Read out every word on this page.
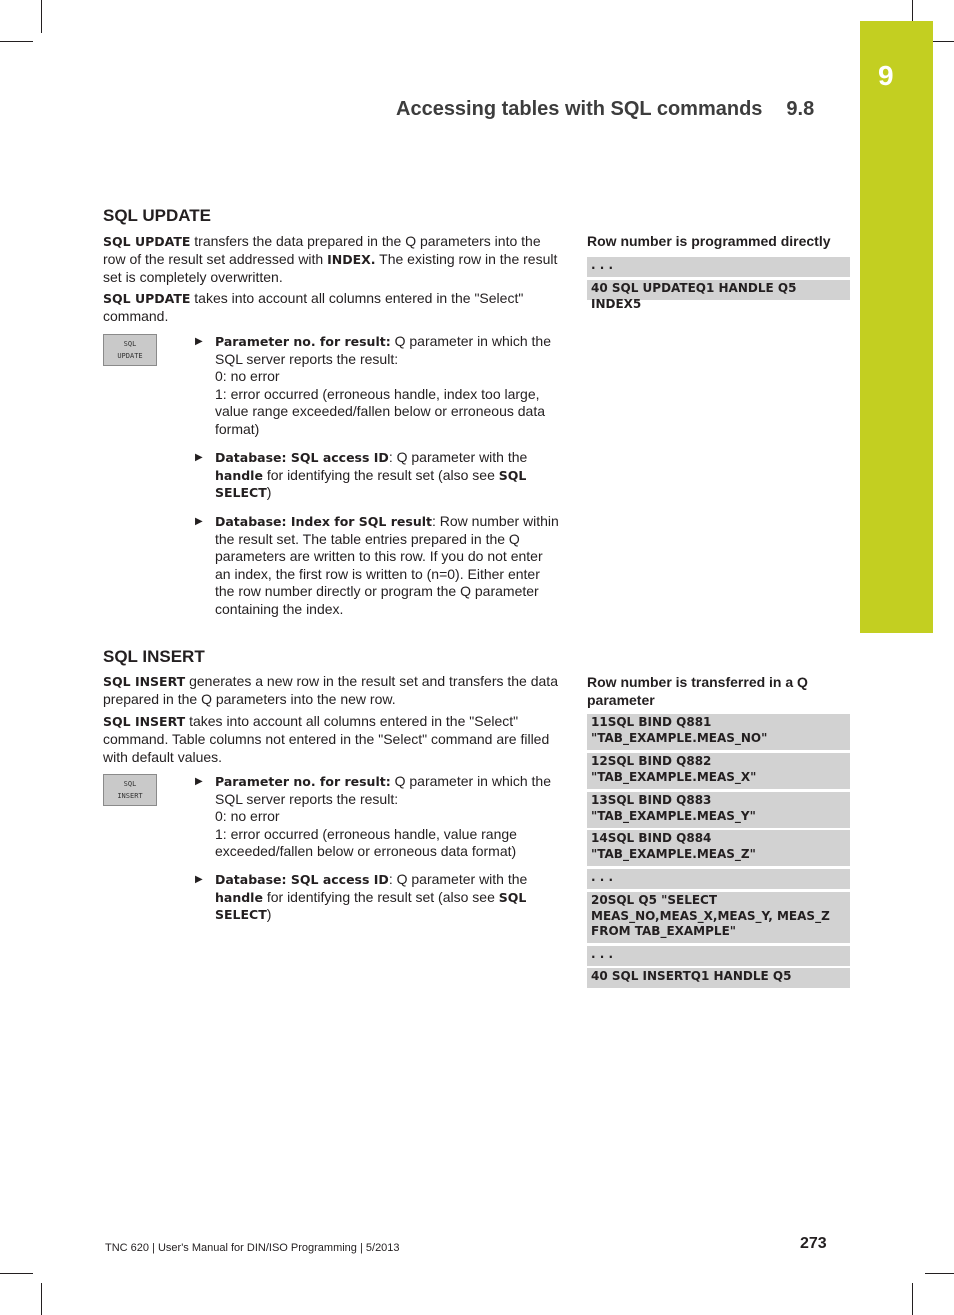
9
Accessing tables with SQL commands 9.8
SQL UPDATE

SQL UPDATE transfers the data prepared in the Q parameters into the row of the result set addressed with INDEX. The existing row in the result set is completely overwritten.

SQL UPDATE takes into account all columns entered in the "Select" command.

SQL
UPDATE
▶ Parameter no. for result: Q parameter in which the SQL server reports the result:
0: no error
1: error occurred (erroneous handle, index too large, value range exceeded/fallen below or erroneous data format)
▶ Database: SQL access ID: Q parameter with the handle for identifying the result set (also see SQL SELECT)
▶ Database: Index for SQL result: Row number within the result set. The table entries prepared in the Q parameters are written to this row. If you do not enter an index, the first row is written to (n=0). Either enter the row number directly or program the Q parameter containing the index.
Row number is programmed directly
. . .
40 SQL UPDATEQ1 HANDLE Q5 INDEX5
SQL INSERT

SQL INSERT generates a new row in the result set and transfers the data prepared in the Q parameters into the new row.

SQL INSERT takes into account all columns entered in the "Select" command. Table columns not entered in the "Select" command are filled with default values.

SQL
INSERT
▶ Parameter no. for result: Q parameter in which the SQL server reports the result:
0: no error
1: error occurred (erroneous handle, value range exceeded/fallen below or erroneous data format)
▶ Database: SQL access ID: Q parameter with the handle for identifying the result set (also see SQL SELECT)
Row number is transferred in a Q parameter
11SQL BIND Q881 "TAB_EXAMPLE.MEAS_NO"
12SQL BIND Q882 "TAB_EXAMPLE.MEAS_X"
13SQL BIND Q883 "TAB_EXAMPLE.MEAS_Y"
14SQL BIND Q884 "TAB_EXAMPLE.MEAS_Z"
. . .
20SQL Q5 "SELECT MEAS_NO,MEAS_X,MEAS_Y, MEAS_Z FROM TAB_EXAMPLE"
. . .
40 SQL INSERTQ1 HANDLE Q5
TNC 620 | User's Manual for DIN/ISO Programming | 5/2013	273
